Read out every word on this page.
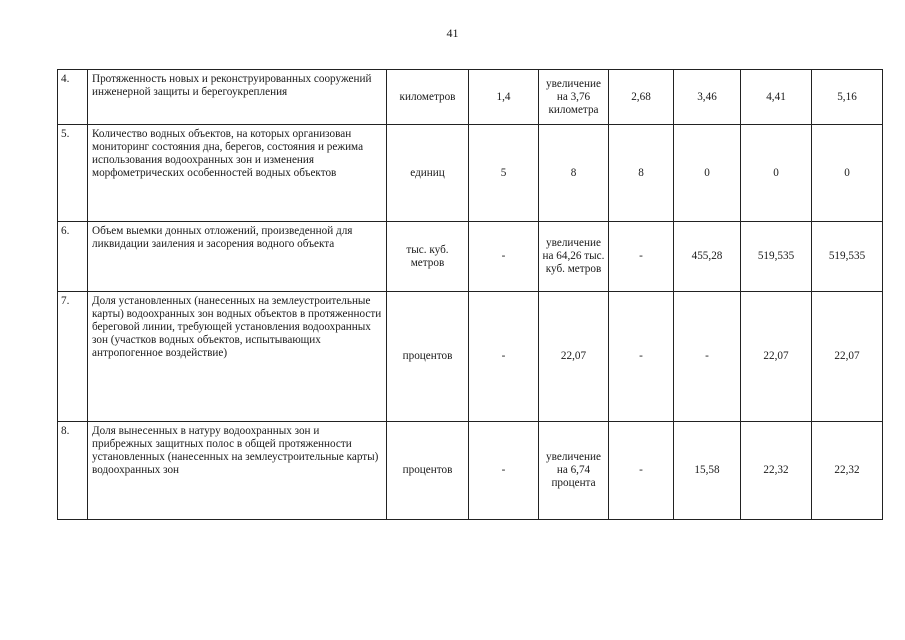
41
4.	Протяженность новых и реконструированных сооружений инженерной защиты и берегоукрепления	километров	1,4	увеличение на 3,76 километра	2,68	3,46	4,41	5,16
5.	Количество водных объектов, на которых организован мониторинг состояния дна, берегов, состояния и режима использования водоохранных зон и изменения морфометрических особенностей водных объектов	единиц	5	8	8	0	0	0
6.	Объем выемки донных отложений, произведенной для ликвидации заиления и засорения водного объекта	тыс. куб. метров	-	увеличение на 64,26 тыс. куб. метров	-	455,28	519,535	519,535
7.	Доля установленных (нанесенных на землеустроительные карты) водоохранных зон водных объектов в протяженности береговой линии, требующей установления водоохранных зон (участков водных объектов, испытывающих антропогенное воздействие)	процентов	-	22,07	-	-	22,07	22,07
8.	Доля вынесенных в натуру водоохранных зон и прибрежных защитных полос в общей протяженности установленных (нанесенных на землеустроительные карты) водоохранных зон	процентов	-	увеличение на 6,74 процента	-	15,58	22,32	22,32
